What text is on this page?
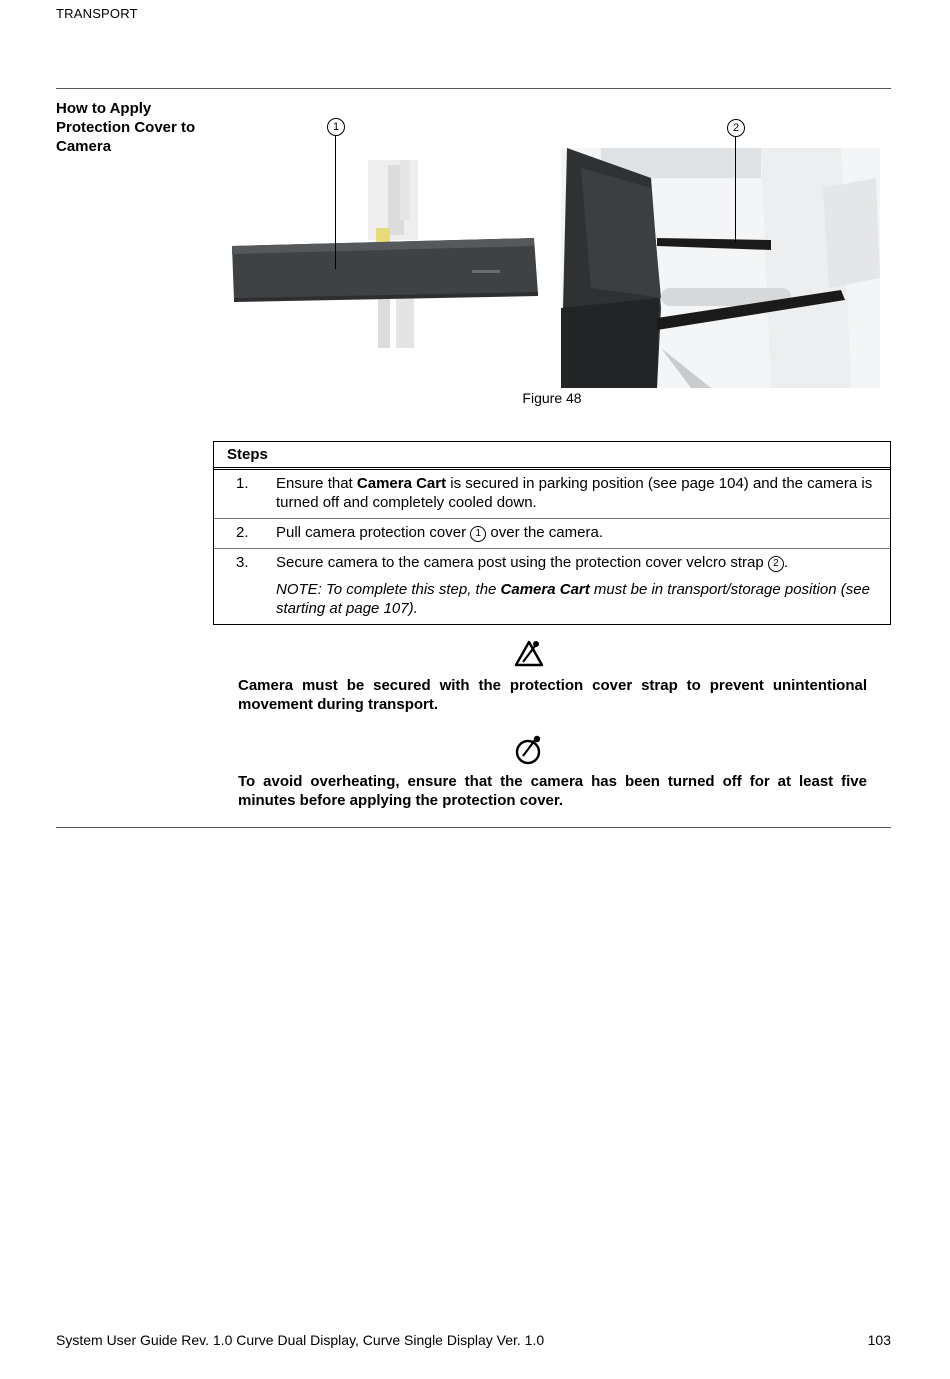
TRANSPORT
How to Apply Protection Cover to Camera
1	2
Figure 48
Steps
1. Ensure that Camera Cart is secured in parking position (see page 104) and the camera is turned off and completely cooled down.
2. Pull camera protection cover 1 over the camera.
3. Secure camera to the camera post using the protection cover velcro strap 2 .
NOTE: To complete this step, the Camera Cart must be in transport/storage position (see starting at page 107).
Camera must be secured with the protection cover strap to prevent unintentional movement during transport.
To avoid overheating, ensure that the camera has been turned off for at least five minutes before applying the protection cover.
System User Guide Rev. 1.0 Curve Dual Display, Curve Single Display Ver. 1.0	103
